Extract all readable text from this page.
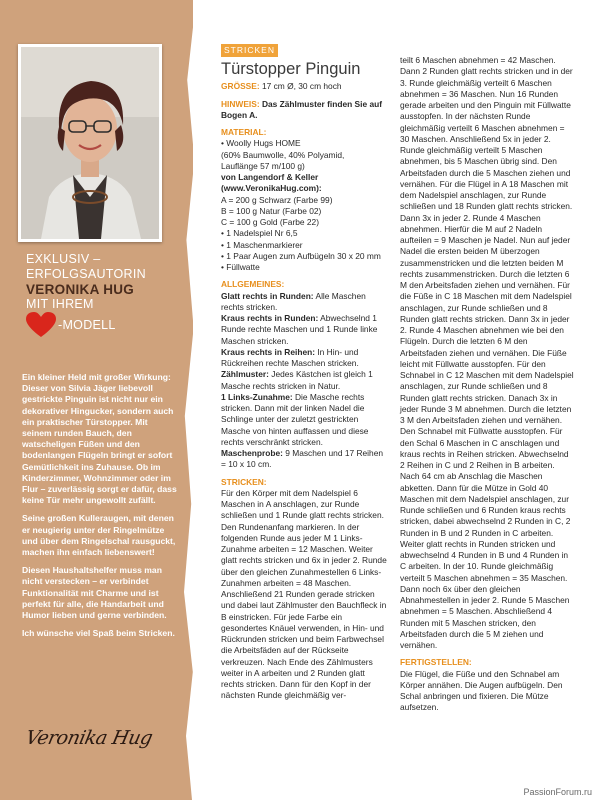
EXKLUSIV –
ERFOLGSAUTORIN
VERONIKA HUG
MIT IHREM
-MODELL

Ein kleiner Held mit großer Wirkung: Dieser von Silvia Jäger liebevoll gestrickte Pinguin ist nicht nur ein dekorativer Hingucker, sondern auch ein praktischer Türstopper. Mit seinem runden Bauch, den watscheligen Füßen und den bodenlangen Flügeln bringt er sofort Gemütlichkeit ins Zuhause. Ob im Kinderzimmer, Wohnzimmer oder im Flur – zuverlässig sorgt er dafür, dass keine Tür mehr ungewollt zufällt.

Seine großen Kulleraugen, mit denen er neugierig unter der Ringelmütze und über dem Ringelschal rausguckt, machen ihn einfach liebenswert!

Diesen Haushaltshelfer muss man nicht verstecken – er verbindet Funktionalität mit Charme und ist perfekt für alle, die Handarbeit und Humor lieben und gerne verbinden.

Ich wünsche viel Spaß beim Stricken.

Veronika Hug
STRICKEN
Türstopper Pinguin
GRÖSSE: 17 cm Ø, 30 cm hoch
HINWEIS: Das Zählmuster finden Sie auf Bogen A.
MATERIAL:
• Woolly Hugs HOME
(60% Baumwolle, 40% Polyamid,
Lauflänge 57 m/100 g)
von Langendorf & Keller
(www.VeronikaHug.com):
A = 200 g Schwarz (Farbe 99)
B = 100 g Natur (Farbe 02)
C = 100 g Gold (Farbe 22)
• 1 Nadelspiel Nr 6,5
• 1 Maschenmarkierer
• 1 Paar Augen zum Aufbügeln 30 x 20 mm
• Füllwatte
ALLGEMEINES:
Glatt rechts in Runden: Alle Maschen rechts stricken.
Kraus rechts in Runden: Abwechselnd 1 Runde rechte Maschen und 1 Runde linke Maschen stricken.
Kraus rechts in Reihen: In Hin- und Rückreihen rechte Maschen stricken.
Zählmuster: Jedes Kästchen ist gleich 1 Masche rechts stricken in Natur.
1 Links-Zunahme: Die Masche rechts stricken. Dann mit der linken Nadel die Schlinge unter der zuletzt gestrickten Masche von hinten auffassen und diese rechts verschränkt stricken.
Maschenprobe: 9 Maschen und 17 Reihen = 10 x 10 cm.
STRICKEN:
Für den Körper mit dem Nadelspiel 6 Maschen in A anschlagen, zur Runde schließen und 1 Runde glatt rechts stricken. Den Rundenanfang markieren. In der folgenden Runde aus jeder M 1 Links-Zunahme arbeiten = 12 Maschen. Weiter glatt rechts stricken und 6x in jeder 2. Runde über den gleichen Zunahmestellen 6 Links-Zunahmen arbeiten = 48 Maschen. Anschließend 21 Runden gerade stricken und dabei laut Zählmuster den Bauchfleck in B einstricken. Für jede Farbe ein gesondertes Knäuel verwenden, in Hin- und Rückrunden stricken und beim Farbwechsel die Arbeitsfäden auf der Rückseite verkreuzen. Nach Ende des Zählmusters weiter in A arbeiten und 2 Runden glatt rechts stricken. Dann für den Kopf in der nächsten Runde gleichmäßig ver-
teilt 6 Maschen abnehmen = 42 Maschen. Dann 2 Runden glatt rechts stricken und in der 3. Runde gleichmäßig verteilt 6 Maschen abnehmen = 36 Maschen. Nun 16 Runden gerade arbeiten und den Pinguin mit Füllwatte ausstopfen. In der nächsten Runde gleichmäßig verteilt 6 Maschen abnehmen = 30 Maschen. Anschließend 5x in jeder 2. Runde gleichmäßig verteilt 5 Maschen abnehmen, bis 5 Maschen übrig sind. Den Arbeitsfaden durch die 5 Maschen ziehen und vernähen. Für die Flügel in A 18 Maschen mit dem Nadelspiel anschlagen, zur Runde schließen und 18 Runden glatt rechts stricken. Dann 3x in jeder 2. Runde 4 Maschen abnehmen. Hierfür die M auf 2 Nadeln aufteilen = 9 Maschen je Nadel. Nun auf jeder Nadel die ersten beiden M überzogen zusammenstricken und die letzten beiden M rechts zusammenstricken. Durch die letzten 6 M den Arbeitsfaden ziehen und vernähen. Für die Füße in C 18 Maschen mit dem Nadelspiel anschlagen, zur Runde schließen und 8 Runden glatt rechts stricken. Dann 3x in jeder 2. Runde 4 Maschen abnehmen wie bei den Flügeln. Durch die letzten 6 M den Arbeitsfaden ziehen und vernähen. Die Füße leicht mit Füllwatte ausstopfen. Für den Schnabel in C 12 Maschen mit dem Nadelspiel anschlagen, zur Runde schließen und 8 Runden glatt rechts stricken. Danach 3x in jeder Runde 3 M abnehmen. Durch die letzten 3 M den Arbeitsfaden ziehen und vernähen. Den Schnabel mit Füllwatte ausstopfen. Für den Schal 6 Maschen in C anschlagen und kraus rechts in Reihen stricken. Abwechselnd 2 Reihen in C und 2 Reihen in B arbeiten. Nach 64 cm ab Anschlag die Maschen abketten. Dann für die Mütze in Gold 40 Maschen mit dem Nadelspiel anschlagen, zur Runde schließen und 6 Runden kraus rechts stricken, dabei abwechselnd 2 Runden in C, 2 Runden in B und 2 Runden in C arbeiten. Weiter glatt rechts in Runden stricken und abwechselnd 4 Runden in B und 4 Runden in C arbeiten. In der 10. Runde gleichmäßig verteilt 5 Maschen abnehmen = 35 Maschen. Dann noch 6x über den gleichen Abnahmestellen in jeder 2. Runde 5 Maschen abnehmen = 5 Maschen. Abschließend 4 Runden mit 5 Maschen stricken, den Arbeitsfaden durch die 5 M ziehen und vernähen.
FERTIGSTELLEN:
Die Flügel, die Füße und den Schnabel am Körper annähen. Die Augen aufbügeln. Den Schal anbringen und fixieren. Die Mütze aufsetzen.
PassionForum.ru
